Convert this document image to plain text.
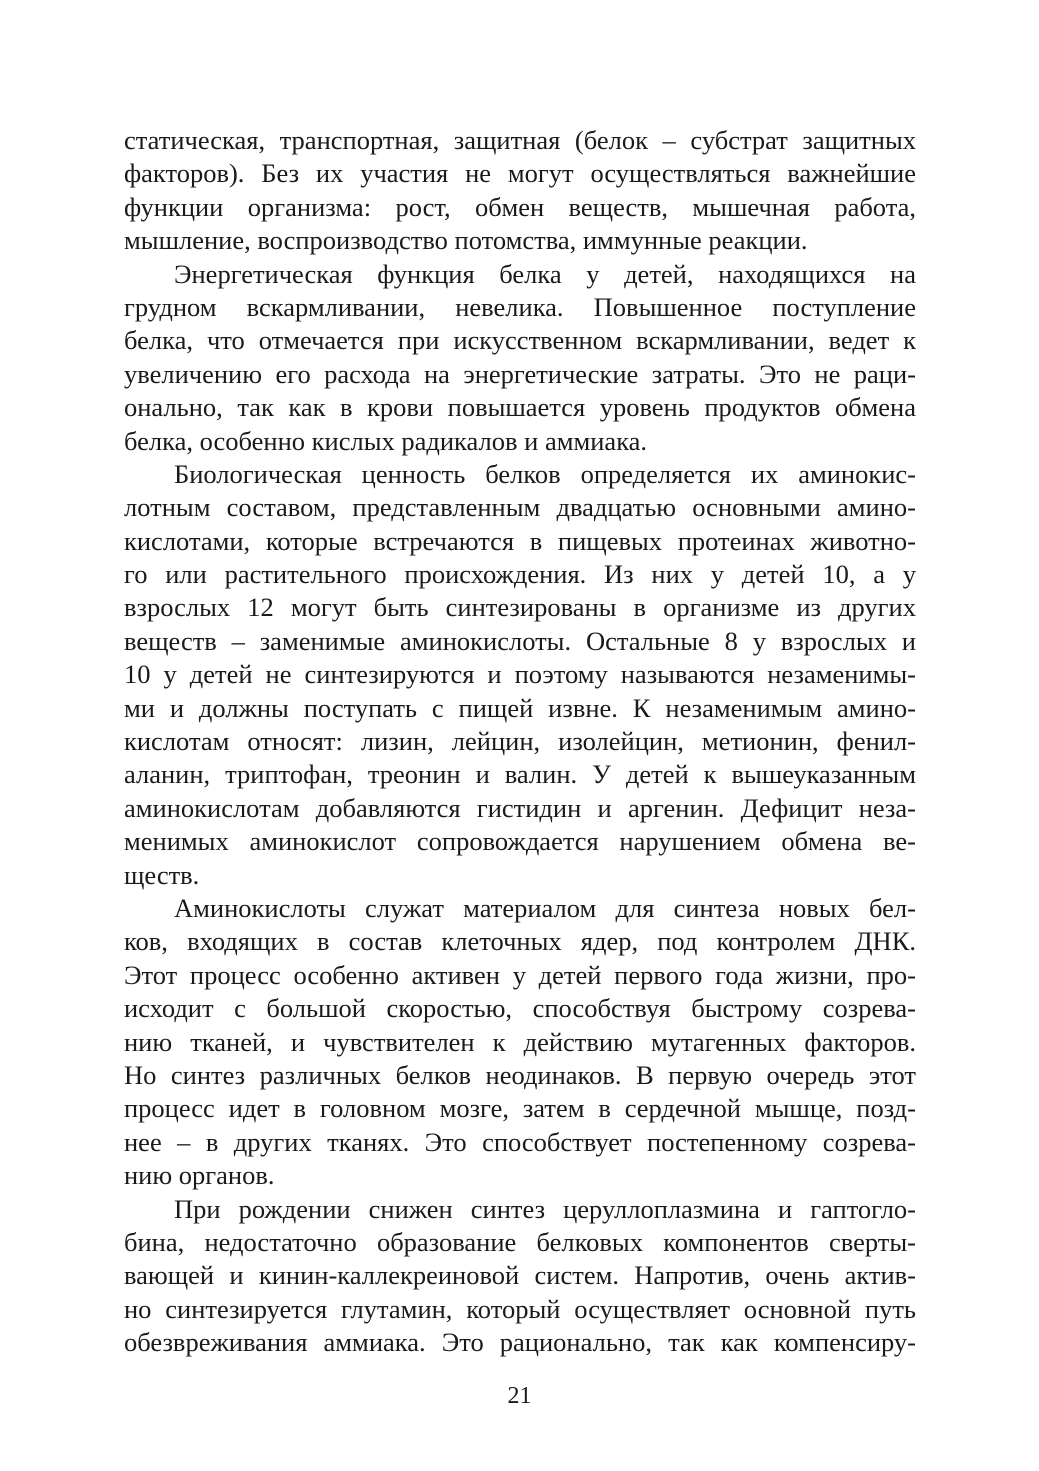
статическая, транспортная, защитная (белок – субстрат защитных
факторов). Без их участия не могут осуществляться важнейшие
функции организма: рост, обмен веществ, мышечная работа,
мышление, воспроизводство потомства, иммунные реакции.
Энергетическая функция белка у детей, находящихся на
грудном вскармливании, невелика. Повышенное поступление
белка, что отмечается при искусственном вскармливании, ведет к
увеличению его расхода на энергетические затраты. Это не раци-
онально, так как в крови повышается уровень продуктов обмена
белка, особенно кислых радикалов и аммиака.
Биологическая ценность белков определяется их аминокис-
лотным составом, представленным двадцатью основными амино-
кислотами, которые встречаются в пищевых протеинах животно-
го или растительного происхождения. Из них у детей 10, а у
взрослых 12 могут быть синтезированы в организме из других
веществ – заменимые аминокислоты. Остальные 8 у взрослых и
10 у детей не синтезируются и поэтому называются незаменимы-
ми и должны поступать с пищей извне. К незаменимым амино-
кислотам относят: лизин, лейцин, изолейцин, метионин, фенил-
аланин, триптофан, треонин и валин. У детей к вышеуказанным
аминокислотам добавляются гистидин и аргенин. Дефицит неза-
менимых аминокислот сопровождается нарушением обмена ве-
ществ.
Аминокислоты служат материалом для синтеза новых бел-
ков, входящих в состав клеточных ядер, под контролем ДНК.
Этот процесс особенно активен у детей первого года жизни, про-
исходит с большой скоростью, способствуя быстрому созрева-
нию тканей, и чувствителен к действию мутагенных факторов.
Но синтез различных белков неодинаков. В первую очередь этот
процесс идет в головном мозге, затем в сердечной мышце, позд-
нее – в других тканях. Это способствует постепенному созрева-
нию органов.
При рождении снижен синтез церуллоплазмина и гаптогло-
бина, недостаточно образование белковых компонентов сверты-
вающей и кинин-каллекреиновой систем. Напротив, очень актив-
но синтезируется глутамин, который осуществляет основной путь
обезвреживания аммиака. Это рационально, так как компенсиру-
21
